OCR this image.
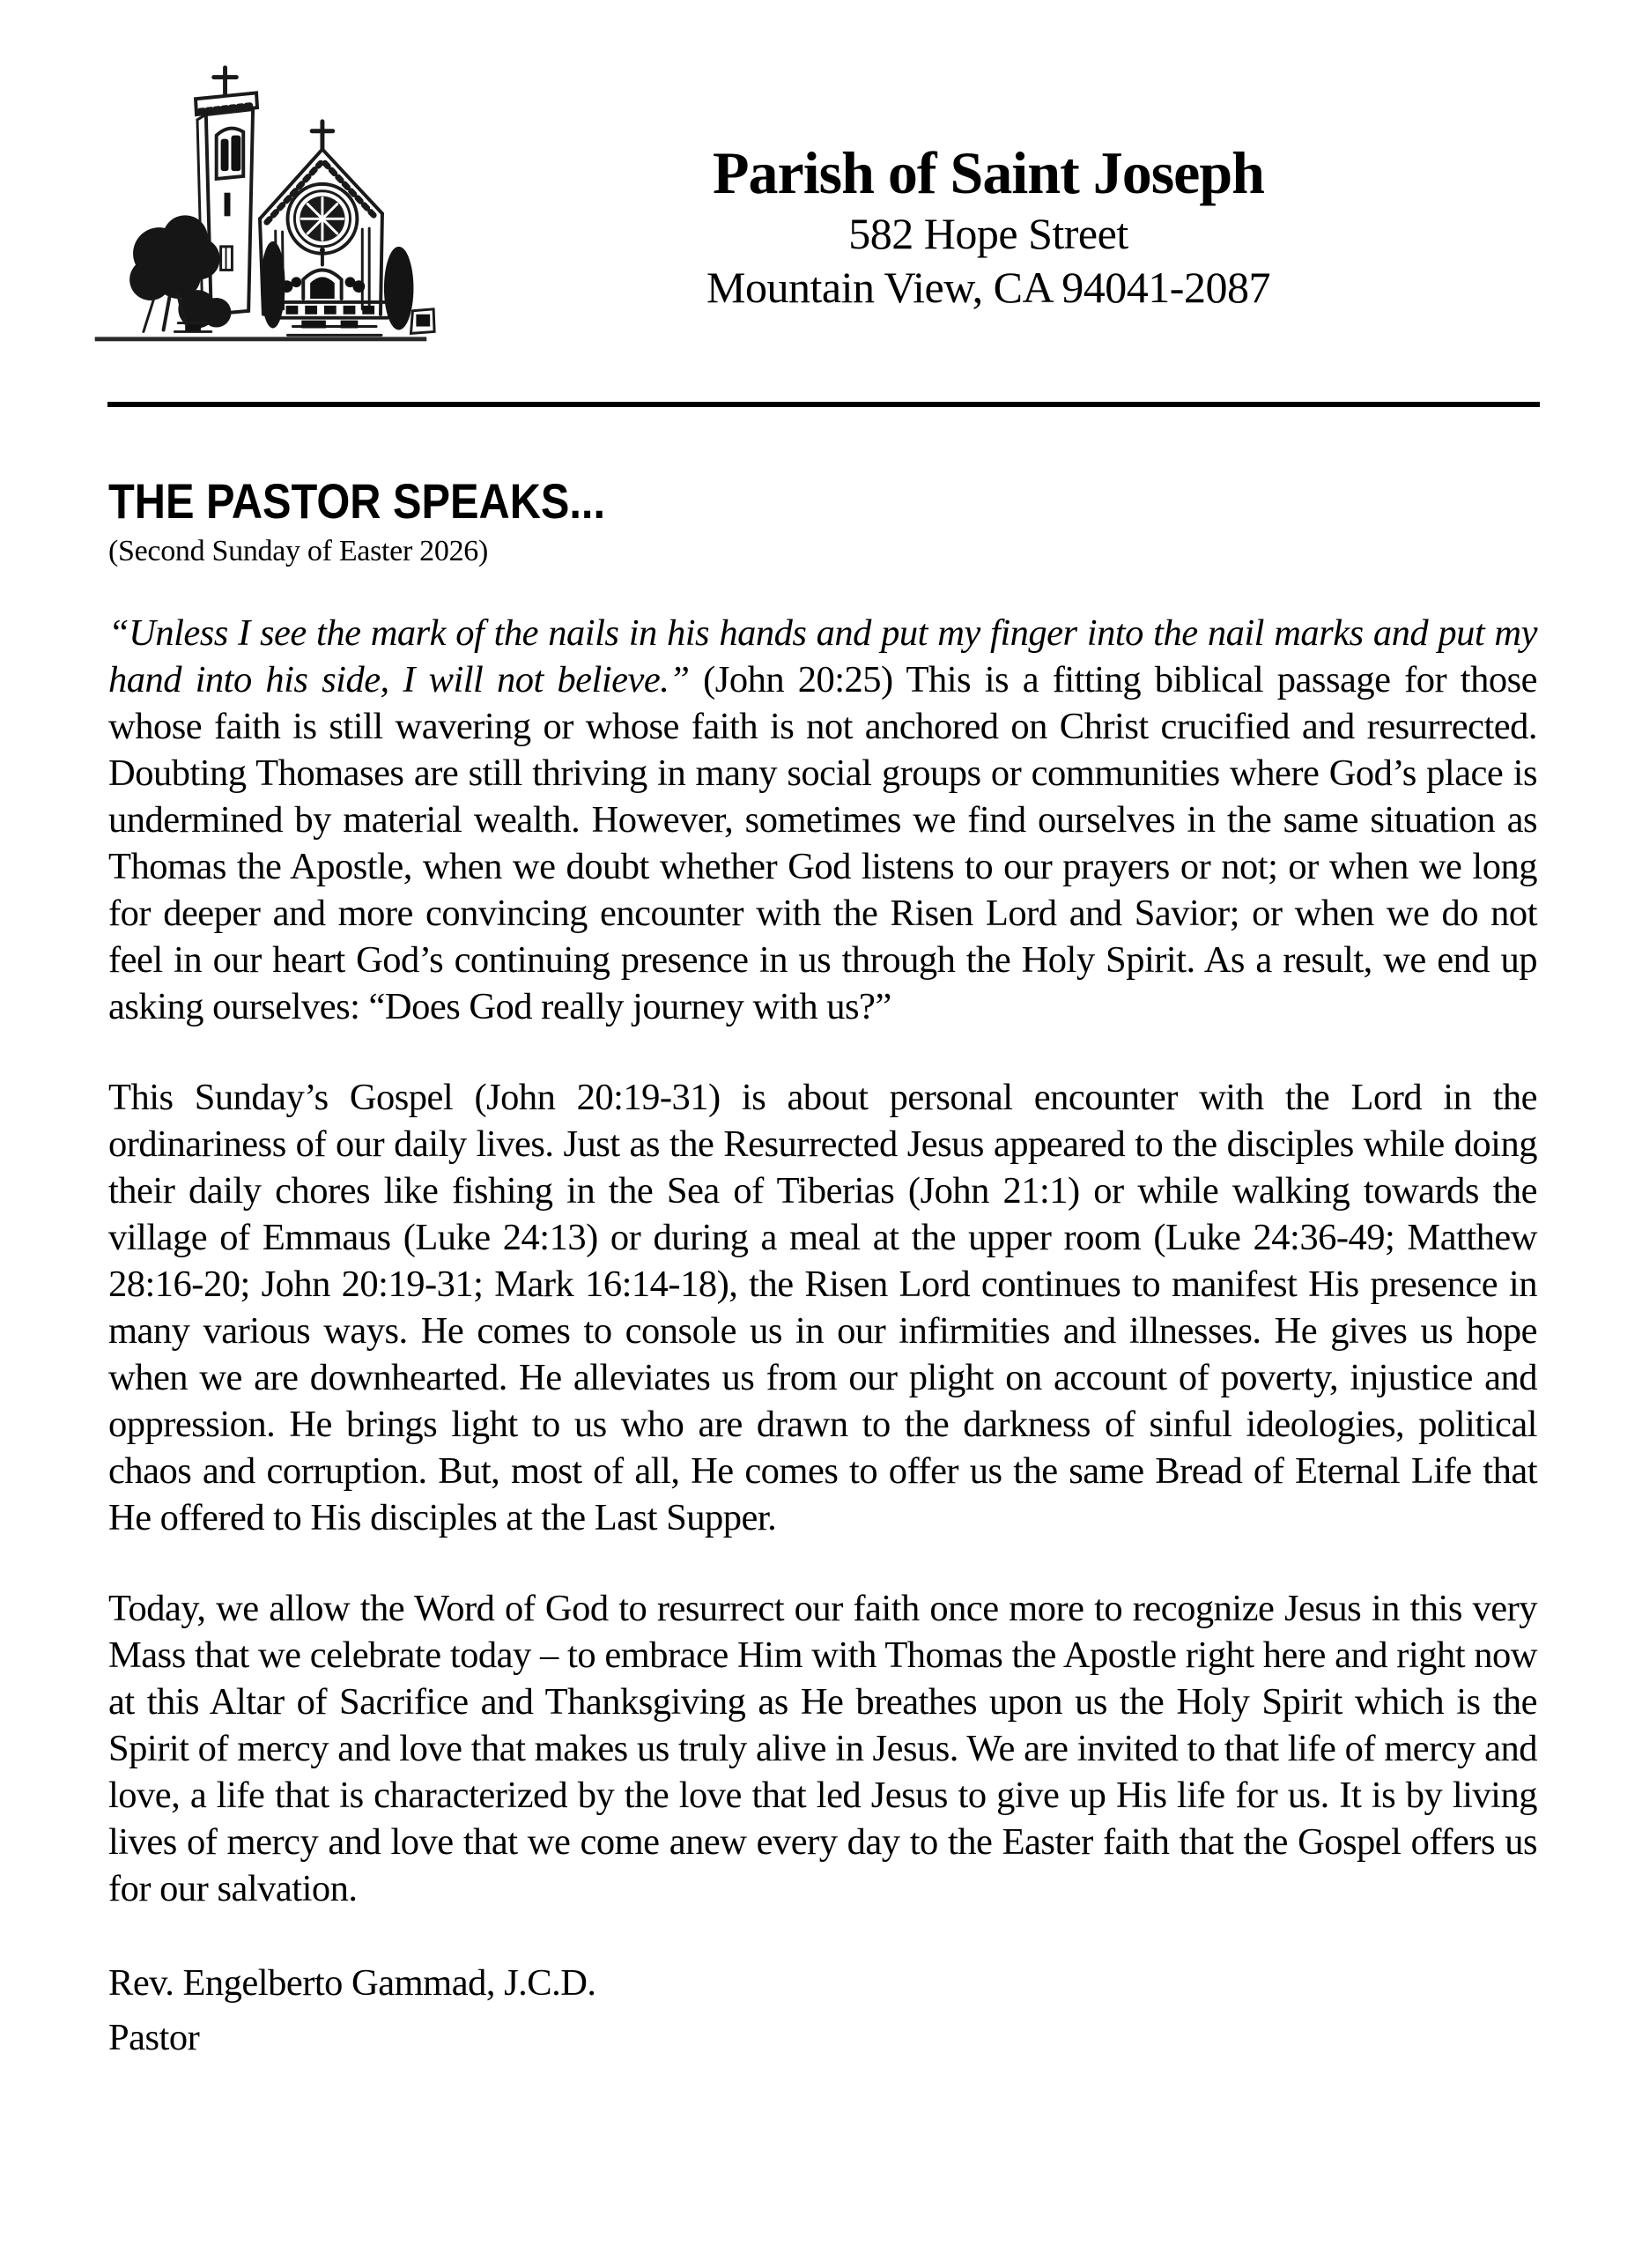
Parish of Saint Joseph
582 Hope Street
Mountain View, CA 94041-2087
THE PASTOR SPEAKS...
(Second Sunday of Easter 2026)

“Unless I see the mark of the nails in his hands and put my finger into the nail marks and put my hand into his side, I will not believe.” (John 20:25) This is a fitting biblical passage for those whose faith is still wavering or whose faith is not anchored on Christ crucified and resurrected. Doubting Thomases are still thriving in many social groups or communities where God’s place is undermined by material wealth. However, sometimes we find ourselves in the same situation as Thomas the Apostle, when we doubt whether God listens to our prayers or not; or when we long for deeper and more convincing encounter with the Risen Lord and Savior; or when we do not feel in our heart God’s continuing presence in us through the Holy Spirit. As a result, we end up asking ourselves: “Does God really journey with us?”

This Sunday’s Gospel (John 20:19-31) is about personal encounter with the Lord in the ordinariness of our daily lives. Just as the Resurrected Jesus appeared to the disciples while doing their daily chores like fishing in the Sea of Tiberias (John 21:1) or while walking towards the village of Emmaus (Luke 24:13) or during a meal at the upper room (Luke 24:36-49; Matthew 28:16-20; John 20:19-31; Mark 16:14-18), the Risen Lord continues to manifest His presence in many various ways. He comes to console us in our infirmities and illnesses. He gives us hope when we are downhearted. He alleviates us from our plight on account of poverty, injustice and oppression. He brings light to us who are drawn to the darkness of sinful ideologies, political chaos and corruption. But, most of all, He comes to offer us the same Bread of Eternal Life that He offered to His disciples at the Last Supper.

Today, we allow the Word of God to resurrect our faith once more to recognize Jesus in this very Mass that we celebrate today – to embrace Him with Thomas the Apostle right here and right now at this Altar of Sacrifice and Thanksgiving as He breathes upon us the Holy Spirit which is the Spirit of mercy and love that makes us truly alive in Jesus. We are invited to that life of mercy and love, a life that is characterized by the love that led Jesus to give up His life for us. It is by living lives of mercy and love that we come anew every day to the Easter faith that the Gospel offers us for our salvation.

Rev. Engelberto Gammad, J.C.D.
Pastor
